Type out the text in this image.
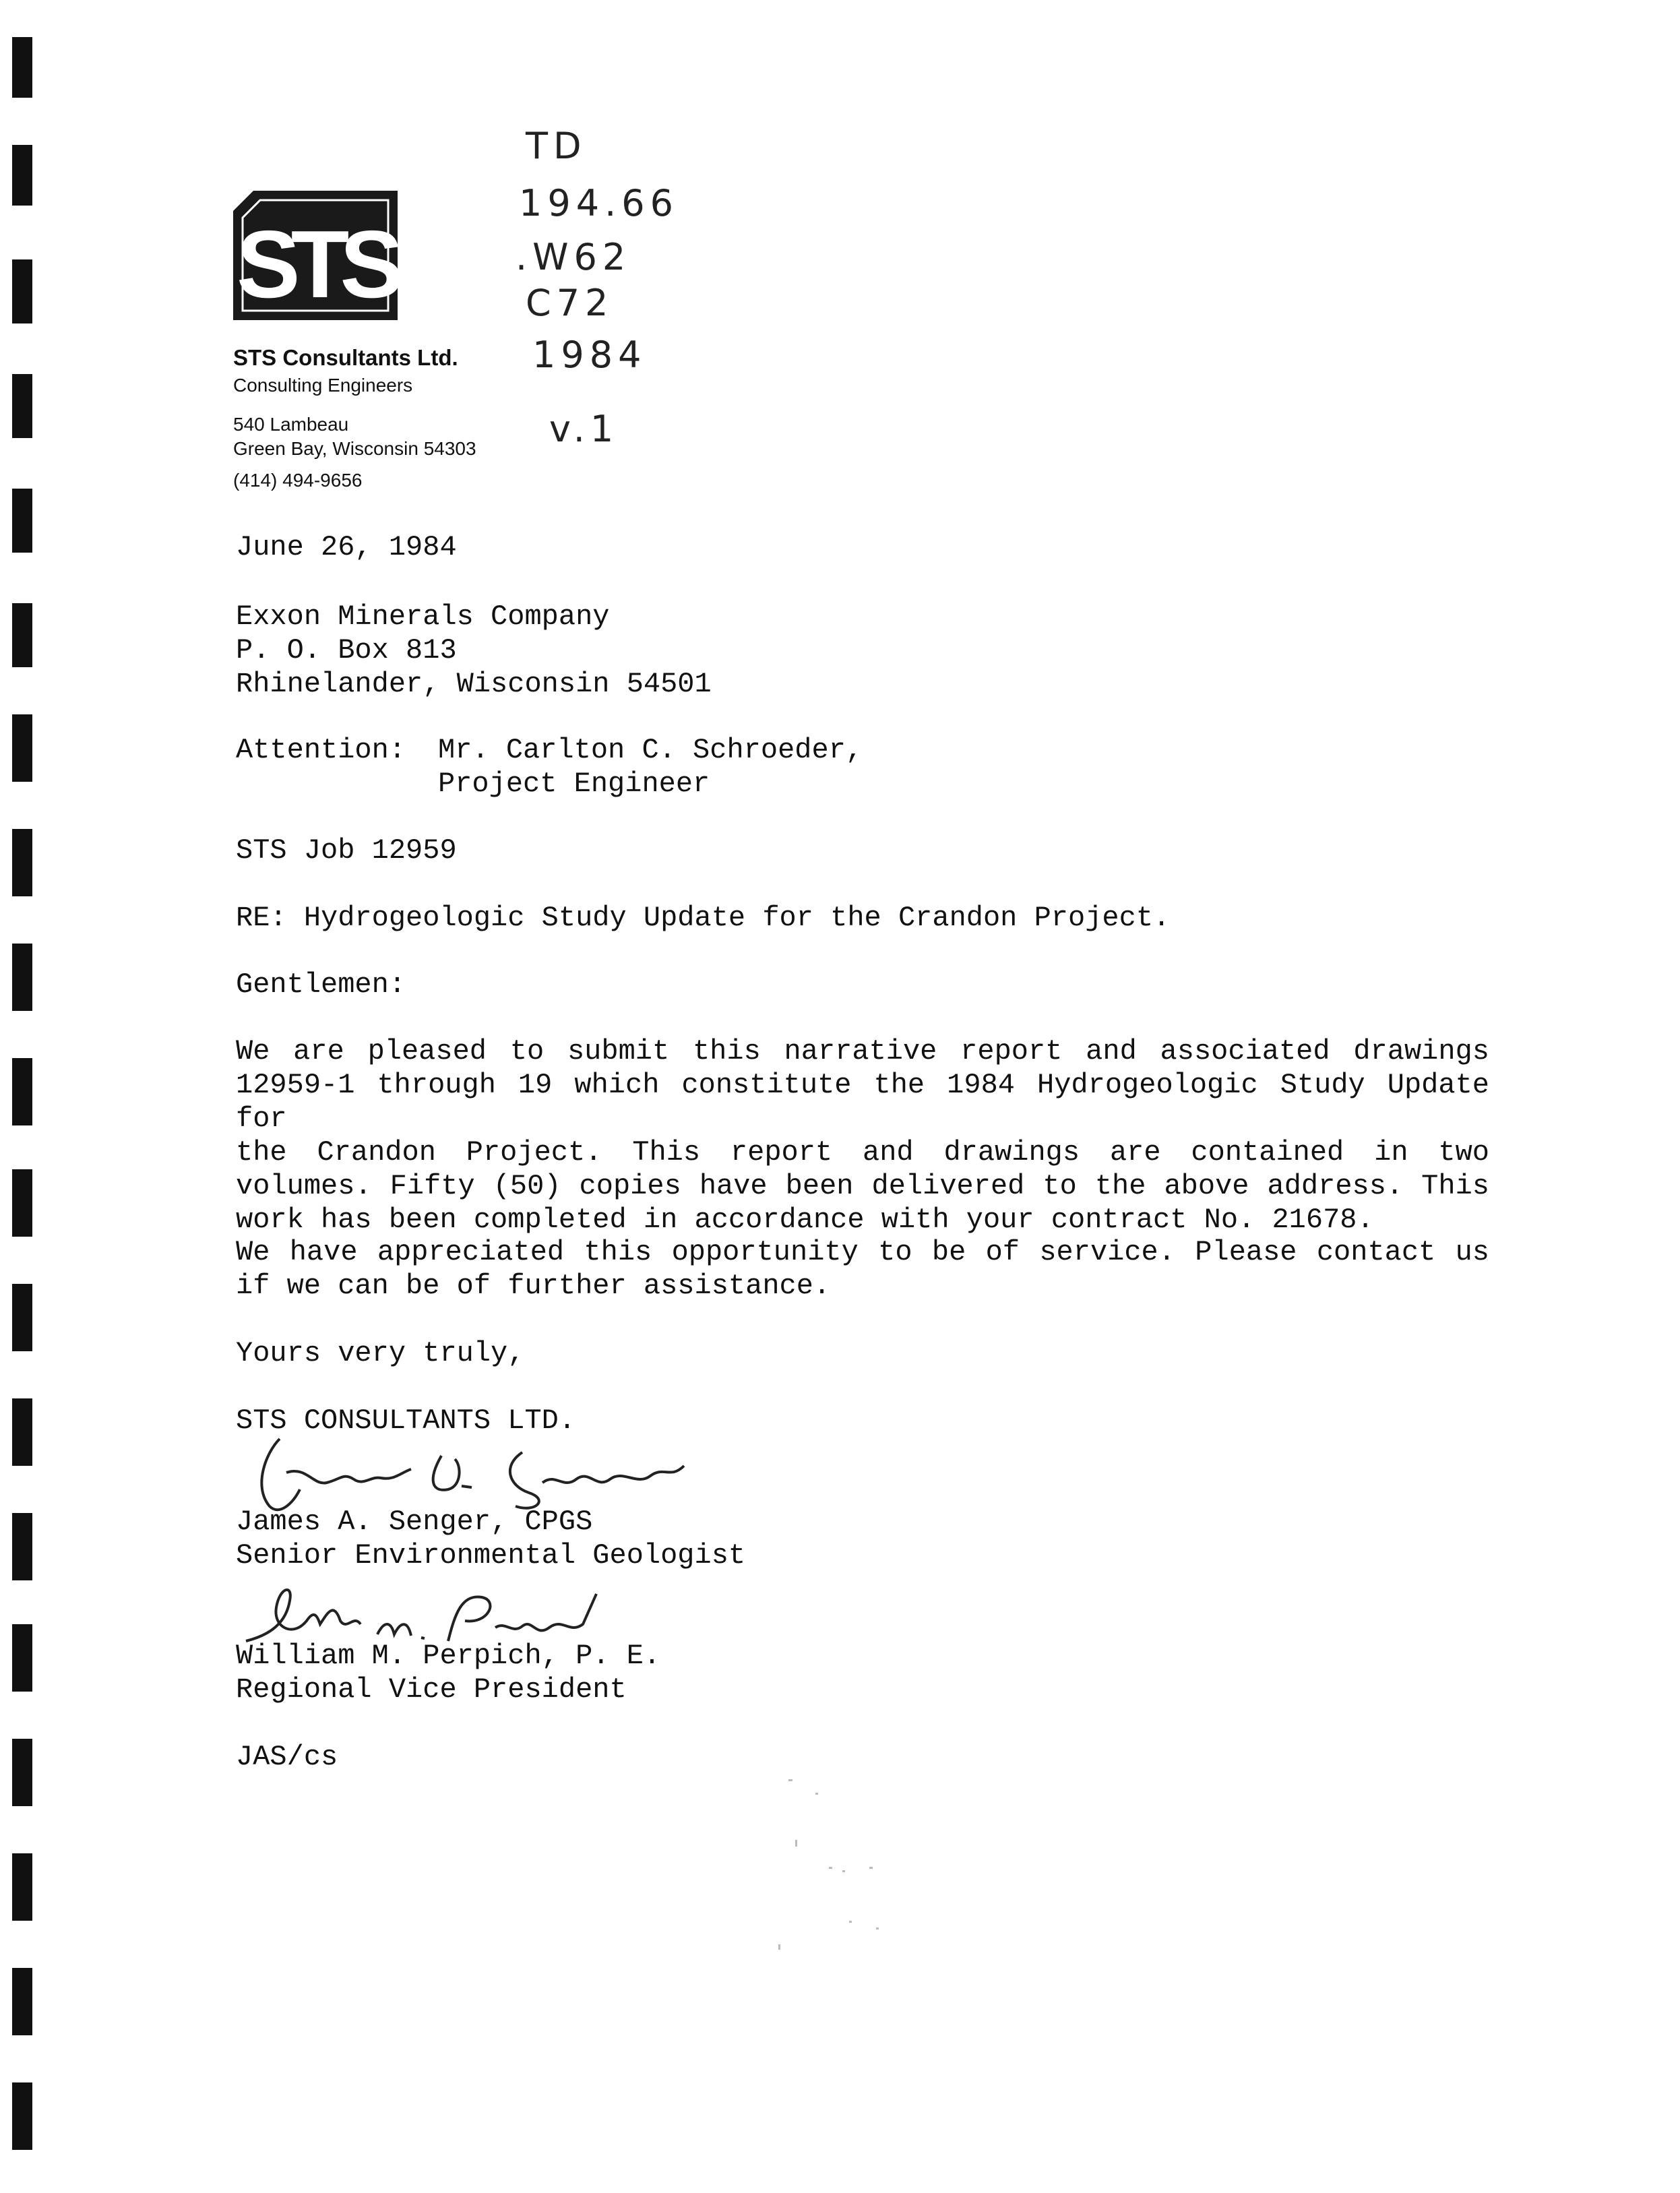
STS
STS Consultants Ltd.
Consulting Engineers
540 Lambeau
Green Bay, Wisconsin 54303
(414) 494-9656
TD
194.66
.W62
C72
1984
v.1
June 26, 1984
Exxon Minerals Company
P. O. Box 813
Rhinelander, Wisconsin 54501
Attention: Mr. Carlton C. Schroeder,
Project Engineer
STS Job 12959
RE: Hydrogeologic Study Update for the Crandon Project.
Gentlemen:
We are pleased to submit this narrative report and associated drawings
12959-1 through 19 which constitute the 1984 Hydrogeologic Study Update for
the Crandon Project. This report and drawings are contained in two
volumes. Fifty (50) copies have been delivered to the above address. This
work has been completed in accordance with your contract No. 21678.
We have appreciated this opportunity to be of service. Please contact us
if we can be of further assistance.
Yours very truly,
STS CONSULTANTS LTD.
James A. Senger, CPGS
Senior Environmental Geologist
William M. Perpich, P. E.
Regional Vice President
JAS/cs
